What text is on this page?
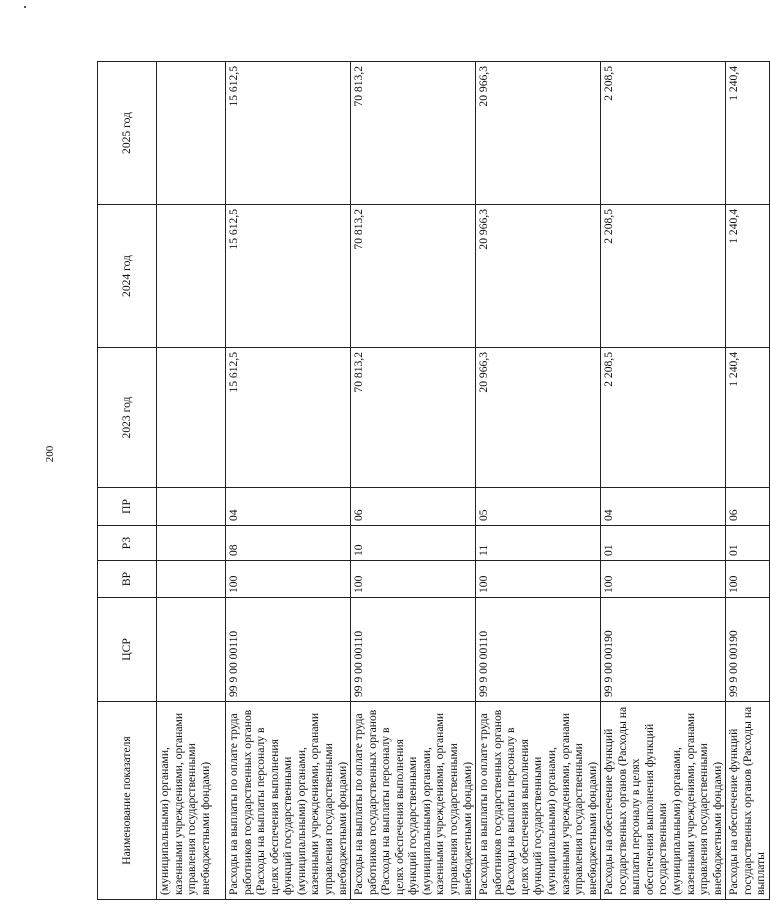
200
Наименование показателя	ЦСР	ВР	РЗ	ПР	2023 год	2024 год	2025 год
(муниципальными) органами, казенными учреждениями, органами управления государственными внебюджетными фондами)							
Расходы на выплаты по оплате труда работников государственных органов (Расходы на выплаты персоналу в целях обеспечения выполнения функций государственными (муниципальными) органами, казенными учреждениями, органами управления государственными внебюджетными фондами)	99 9 00 00110	100	08	04	15 612,5	15 612,5	15 612,5
Расходы на выплаты по оплате труда работников государственных органов (Расходы на выплаты персоналу в целях обеспечения выполнения функций государственными (муниципальными) органами, казенными учреждениями, органами управления государственными внебюджетными фондами)	99 9 00 00110	100	10	06	70 813,2	70 813,2	70 813,2
Расходы на выплаты по оплате труда работников государственных органов (Расходы на выплаты персоналу в целях обеспечения выполнения функций государственными (муниципальными) органами, казенными учреждениями, органами управления государственными внебюджетными фондами)	99 9 00 00110	100	11	05	20 966,3	20 966,3	20 966,3
Расходы на обеспечение функций государственных органов (Расходы на выплаты персоналу в целях обеспечения выполнения функций государственными (муниципальными) органами, казенными учреждениями, органами управления государственными внебюджетными фондами)	99 9 00 00190	100	01	04	2 208,5	2 208,5	2 208,5
Расходы на обеспечение функций государственных органов (Расходы на выплаты	99 9 00 00190	100	01	06	1 240,4	1 240,4	1 240,4
